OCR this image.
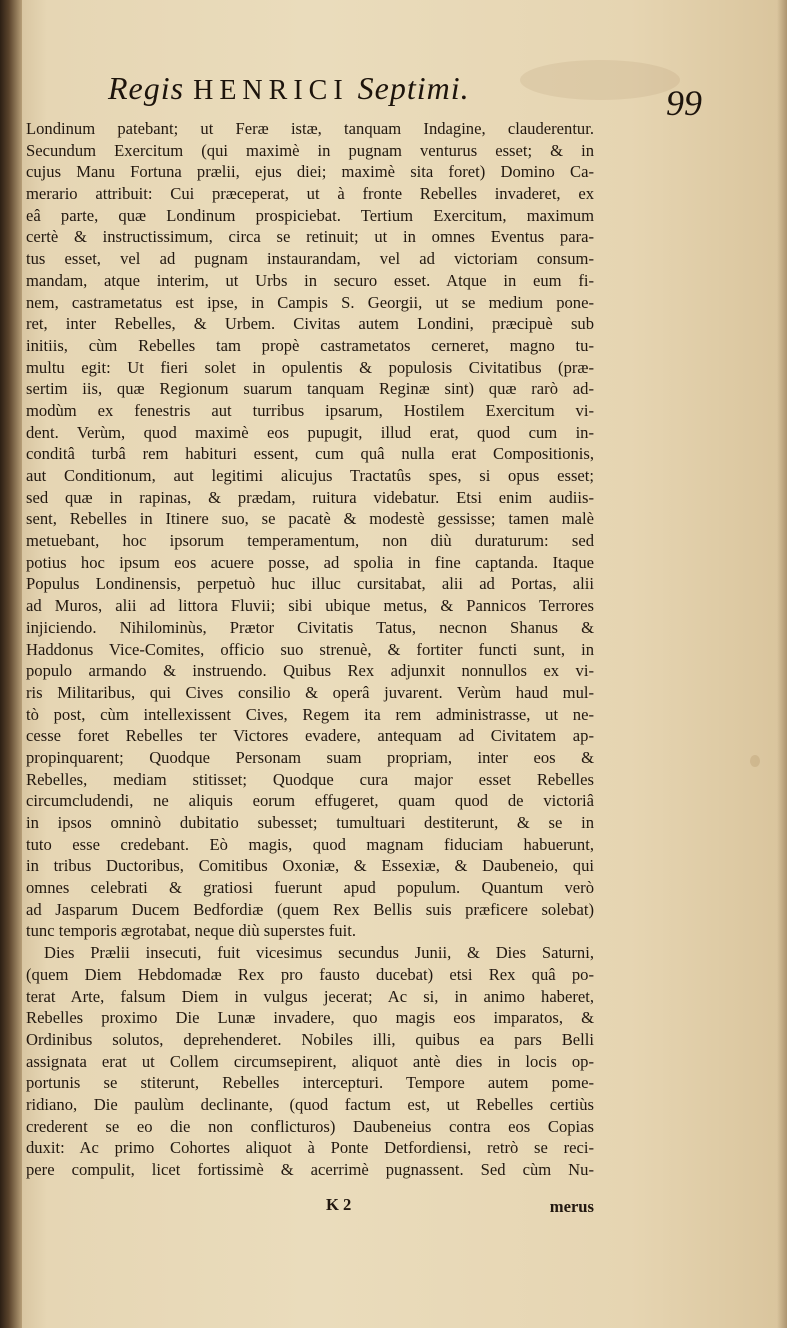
Regis HENRICI Septimi.	99
Londinum patebant; ut Feræ istæ, tanquam Indagine, clauderentur.
Secundum Exercitum (qui maximè in pugnam venturus esset; & in
cujus Manu Fortuna prælii, ejus diei; maximè sita foret) Domino Ca-
merario attribuit: Cui præceperat, ut à fronte Rebelles invaderet, ex
eâ parte, quæ Londinum prospiciebat. Tertium Exercitum, maximum
certè & instructissimum, circa se retinuit; ut in omnes Eventus para-
tus esset, vel ad pugnam instaurandam, vel ad victoriam consum-
mandam, atque interim, ut Urbs in securo esset. Atque in eum fi-
nem, castrametatus est ipse, in Campis S. Georgii, ut se medium pone-
ret, inter Rebelles, & Urbem. Civitas autem Londini, præcipuè sub
initiis, cùm Rebelles tam propè castrametatos cerneret, magno tu-
multu egit: Ut fieri solet in opulentis & populosis Civitatibus (præ-
sertim iis, quæ Regionum suarum tanquam Reginæ sint) quæ rarò ad-
modùm ex fenestris aut turribus ipsarum, Hostilem Exercitum vi-
dent. Verùm, quod maximè eos pupugit, illud erat, quod cum in-
conditâ turbâ rem habituri essent, cum quâ nulla erat Compositionis,
aut Conditionum, aut legitimi alicujus Tractatûs spes, si opus esset;
sed quæ in rapinas, & prædam, ruitura videbatur. Etsi enim audiis-
sent, Rebelles in Itinere suo, se pacatè & modestè gessisse; tamen malè
metuebant, hoc ipsorum temperamentum, non diù duraturum: sed
potius hoc ipsum eos acuere posse, ad spolia in fine captanda. Itaque
Populus Londinensis, perpetuò huc illuc cursitabat, alii ad Portas, alii
ad Muros, alii ad littora Fluvii; sibi ubique metus, & Pannicos Terrores
injiciendo. Nihilominùs, Prætor Civitatis Tatus, necnon Shanus &
Haddonus Vice-Comites, officio suo strenuè, & fortiter functi sunt, in
populo armando & instruendo. Quibus Rex adjunxit nonnullos ex vi-
ris Militaribus, qui Cives consilio & operâ juvarent. Verùm haud mul-
tò post, cùm intellexissent Cives, Regem ita rem administrasse, ut ne-
cesse foret Rebelles ter Victores evadere, antequam ad Civitatem ap-
propinquarent; Quodque Personam suam propriam, inter eos &
Rebelles, mediam stitisset; Quodque cura major esset Rebelles
circumcludendi, ne aliquis eorum effugeret, quam quod de victoriâ
in ipsos omninò dubitatio subesset; tumultuari destiterunt, & se in
tuto esse credebant. Eò magis, quod magnam fiduciam habuerunt,
in tribus Ductoribus, Comitibus Oxoniæ, & Essexiæ, & Daubeneio, qui
omnes celebrati & gratiosi fuerunt apud populum. Quantum verò
ad Jasparum Ducem Bedfordiæ (quem Rex Bellis suis præficere solebat)
tunc temporis ægrotabat, neque diù superstes fuit.
Dies Prælii insecuti, fuit vicesimus secundus Junii, & Dies Saturni,
(quem Diem Hebdomadæ Rex pro fausto ducebat) etsi Rex quâ po-
terat Arte, falsum Diem in vulgus jecerat; Ac si, in animo haberet,
Rebelles proximo Die Lunæ invadere, quo magis eos imparatos, &
Ordinibus solutos, deprehenderet. Nobiles illi, quibus ea pars Belli
assignata erat ut Collem circumsepirent, aliquot antè dies in locis op-
portunis se stiterunt, Rebelles intercepturi. Tempore autem pome-
ridiano, Die paulùm declinante, (quod factum est, ut Rebelles certiùs
crederent se eo die non conflicturos) Daubeneius contra eos Copias
duxit: Ac primo Cohortes aliquot à Ponte Detfordiensi, retrò se reci-
pere compulit, licet fortissimè & acerrimè pugnassent. Sed cùm Nu-
K 2	merus
